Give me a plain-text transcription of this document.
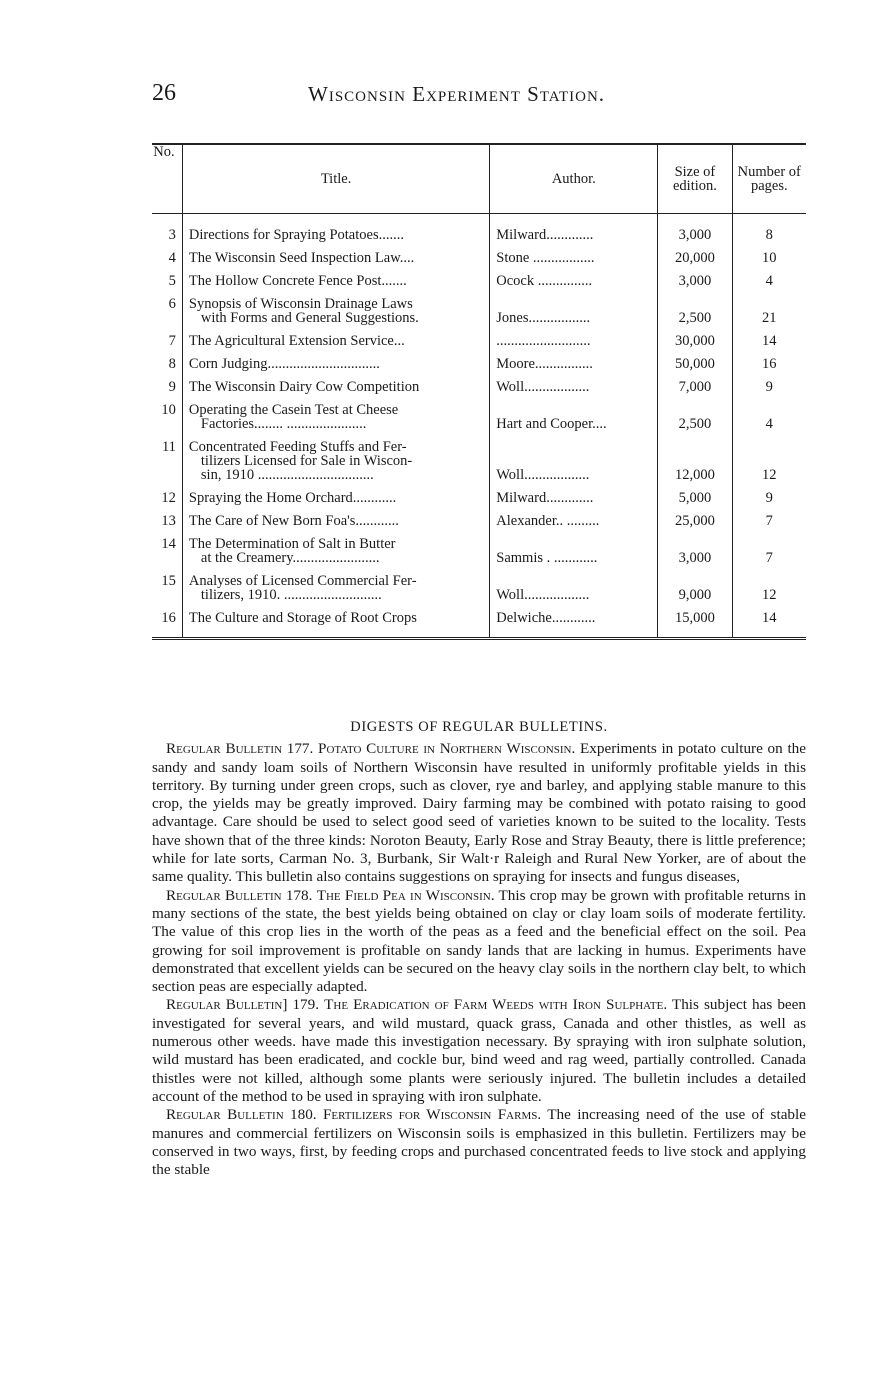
26	Wisconsin Experiment Station.
No.	Title.	Author.	Size of edition.	Number of pages.
3	Directions for Spraying Potatoes.......	Milward.............	3,000	8
4	The Wisconsin Seed Inspection Law....	Stone .................	20,000	10
5	The Hollow Concrete Fence Post.......	Ocock ...............	3,000	4
6	Synopsis of Wisconsin Drainage Laws
with Forms and General Suggestions.	Jones.................	2,500	21
7	The Agricultural Extension Service...	..........................	30,000	14
8	Corn Judging...............................	Moore................	50,000	16
9	The Wisconsin Dairy Cow Competition	Woll..................	7,000	9
10	Operating the Casein Test at Cheese
Factories........ ......................	Hart and Cooper....	2,500	4
11	Concentrated Feeding Stuffs and Fer-
tilizers Licensed for Sale in Wiscon-
sin, 1910 ................................	Woll..................	12,000	12
12	Spraying the Home Orchard............	Milward.............	5,000	9
13	The Care of New Born Foa's............	Alexander.. .........	25,000	7
14	The Determination of Salt in Butter
at the Creamery........................	Sammis . ............	3,000	7
15	Analyses of Licensed Commercial Fer-
tilizers, 1910. ...........................	Woll..................	9,000	12
16	The Culture and Storage of Root Crops	Delwiche............	15,000	14
DIGESTS OF REGULAR BULLETINS.

Regular Bulletin 177. Potato Culture in Northern Wisconsin. Experiments in potato culture on the sandy and sandy loam soils of Northern Wisconsin have resulted in uniformly profitable yields in this territory. By turning under green crops, such as clover, rye and barley, and applying stable manure to this crop, the yields may be greatly improved. Dairy farming may be combined with potato raising to good advantage. Care should be used to select good seed of varieties known to be suited to the locality. Tests have shown that of the three kinds: Noroton Beauty, Early Rose and Stray Beauty, there is little preference; while for late sorts, Carman No. 3, Burbank, Sir Walt·r Raleigh and Rural New Yorker, are of about the same quality. This bulletin also contains suggestions on spraying for insects and fungus diseases,

Regular Bulletin 178. The Field Pea in Wisconsin. This crop may be grown with profitable returns in many sections of the state, the best yields being obtained on clay or clay loam soils of moderate fertility. The value of this crop lies in the worth of the peas as a feed and the beneficial effect on the soil. Pea growing for soil improvement is profitable on sandy lands that are lacking in humus. Experiments have demonstrated that excellent yields can be secured on the heavy clay soils in the northern clay belt, to which section peas are especially adapted.

Regular Bulletin] 179. The Eradication of Farm Weeds with Iron Sulphate. This subject has been investigated for several years, and wild mustard, quack grass, Canada and other thistles, as well as numerous other weeds. have made this investigation necessary. By spraying with iron sulphate solution, wild mustard has been eradicated, and cockle bur, bind weed and rag weed, partially controlled. Canada thistles were not killed, although some plants were seriously injured. The bulletin includes a detailed account of the method to be used in spraying with iron sulphate.

Regular Bulletin 180. Fertilizers for Wisconsin Farms. The increasing need of the use of stable manures and commercial fertilizers on Wisconsin soils is emphasized in this bulletin. Fertilizers may be conserved in two ways, first, by feeding crops and purchased concentrated feeds to live stock and applying the stable
